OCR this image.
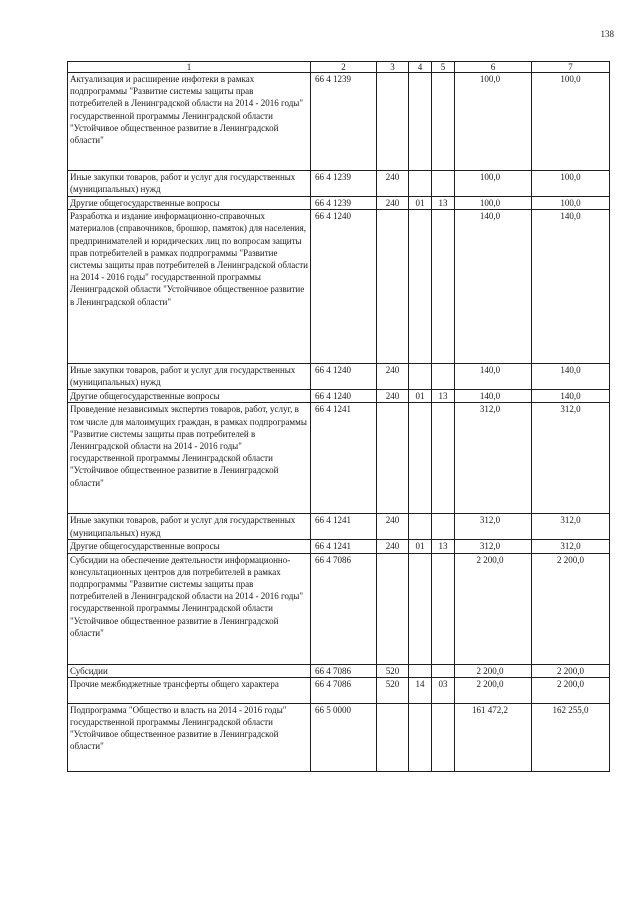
138
1	2	3	4	5	6	7
Актуализация и расширение инфотеки в рамках подпрограммы "Развитие системы защиты прав потребителей в Ленинградской области на 2014 - 2016 годы" государственной программы Ленинградской области "Устойчивое общественное развитие в Ленинградской области"	66 4 1239				100,0	100,0
Иные закупки товаров, работ и услуг для государственных (муниципальных) нужд	66 4 1239	240			100,0	100,0
Другие общегосударственные вопросы	66 4 1239	240	01	13	100,0	100,0
Разработка и издание информационно-справочных материалов (справочников, брошюр, памяток) для населения, предпринимателей и юридических лиц по вопросам защиты прав потребителей в рамках подпрограммы "Развитие системы защиты прав потребителей в Ленинградской области на 2014 - 2016 годы" государственной программы Ленинградской области "Устойчивое общественное развитие в Ленинградской области"	66 4 1240				140,0	140,0
Иные закупки товаров, работ и услуг для государственных (муниципальных) нужд	66 4 1240	240			140,0	140,0
Другие общегосударственные вопросы	66 4 1240	240	01	13	140,0	140,0
Проведение независимых экспертиз товаров, работ, услуг, в том числе для малоимущих граждан, в рамках подпрограммы "Развитие системы защиты прав потребителей в Ленинградской области на 2014 - 2016 годы" государственной программы Ленинградской области "Устойчивое общественное развитие в Ленинградской области"	66 4 1241				312,0	312,0
Иные закупки товаров, работ и услуг для государственных (муниципальных) нужд	66 4 1241	240			312,0	312,0
Другие общегосударственные вопросы	66 4 1241	240	01	13	312,0	312,0
Субсидии на обеспечение деятельности информационно-консультационных центров для потребителей в рамках подпрограммы "Развитие системы защиты прав потребителей в Ленинградской области на 2014 - 2016 годы" государственной программы Ленинградской области "Устойчивое общественное развитие в Ленинградской области"	66 4 7086				2 200,0	2 200,0
Субсидии	66 4 7086	520			2 200,0	2 200,0
Прочие межбюджетные трансферты общего характера	66 4 7086	520	14	03	2 200,0	2 200,0
Подпрограмма "Общество и власть на 2014 - 2016 годы" государственной программы Ленинградской области "Устойчивое общественное развитие в Ленинградской области"	66 5 0000				161 472,2	162 255,0
